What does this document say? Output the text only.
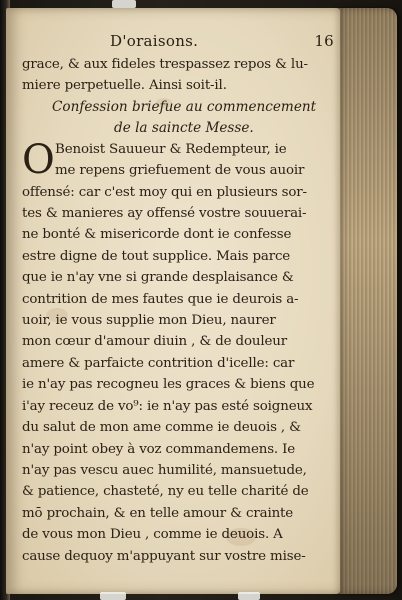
D'oraisons.	16
grace, & aux fideles trespassez repos & lu-
miere perpetuelle. Ainsi soit-il.
Confession briefue au commencement
de la saincte Messe.
O Benoist Sauueur & Redempteur, ie
me repens griefuement de vous auoir
offensé: car c'est moy qui en plusieurs sor-
tes & manieres ay offensé vostre souuerai-
ne bonté & misericorde dont ie confesse
estre digne de tout supplice. Mais parce
que ie n'ay vne si grande desplaisance &
contrition de mes fautes que ie deurois a-
uoir, ie vous supplie mon Dieu, naurer
mon cœur d'amour diuin , & de douleur
amere & parfaicte contrition d'icelle: car
ie n'ay pas recogneu les graces & biens que
i'ay receuz de vo⁹: ie n'ay pas esté soigneux
du salut de mon ame comme ie deuois , &
n'ay point obey à voz commandemens. Ie
n'ay pas vescu auec humilité, mansuetude,
& patience, chasteté, ny eu telle charité de
mō prochain, & en telle amour & crainte
de vous mon Dieu , comme ie deuois. A
cause dequoy m'appuyant sur vostre mise-
